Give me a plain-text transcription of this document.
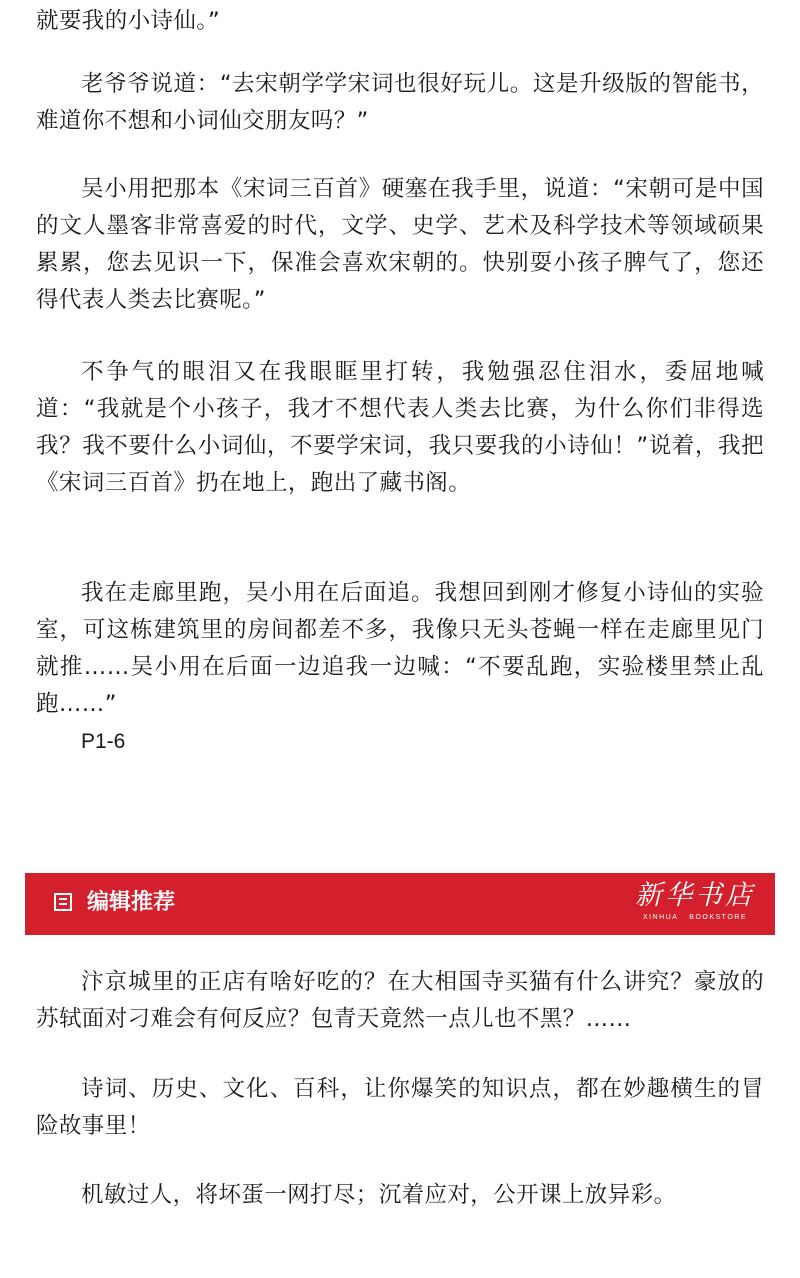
就要我的小诗仙。”

老爷爷说道：“去宋朝学学宋词也很好玩儿。这是升级版的智能书，难道你不想和小词仙交朋友吗？”

吴小用把那本《宋词三百首》硬塞在我手里，说道：“宋朝可是中国的文人墨客非常喜爱的时代，文学、史学、艺术及科学技术等领域硕果累累，您去见识一下，保准会喜欢宋朝的。快别耍小孩子脾气了，您还得代表人类去比赛呢。”

不争气的眼泪又在我眼眶里打转，我勉强忍住泪水，委屈地喊道：“我就是个小孩子，我才不想代表人类去比赛，为什么你们非得选我？我不要什么小词仙，不要学宋词，我只要我的小诗仙！”说着，我把《宋词三百首》扔在地上，跑出了藏书阁。

我在走廊里跑，吴小用在后面追。我想回到刚才修复小诗仙的实验室，可这栋建筑里的房间都差不多，我像只无头苍蝇一样在走廊里见门就推……吴小用在后面一边追我一边喊：“不要乱跑，实验楼里禁止乱跑……”

P1-6

编辑推荐	新华书店
XINHUA BOOKSTORE

汴京城里的正店有啥好吃的？在大相国寺买猫有什么讲究？豪放的苏轼面对刁难会有何反应？包青天竟然一点儿也不黑？……

诗词、历史、文化、百科，让你爆笑的知识点，都在妙趣横生的冒险故事里！

机敏过人，将坏蛋一网打尽；沉着应对，公开课上放异彩。
